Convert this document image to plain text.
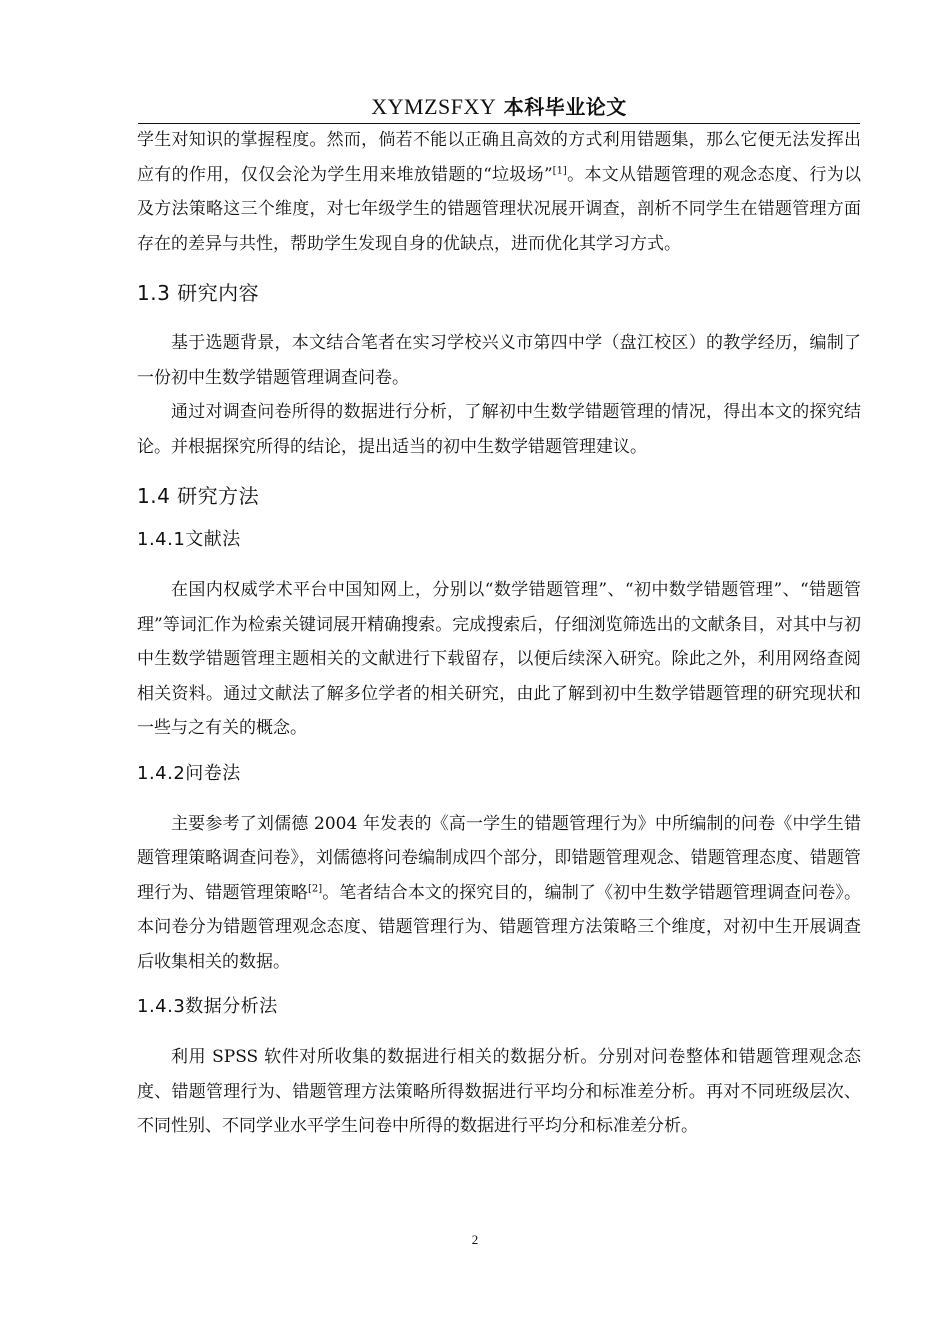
XYMZSFXY 本科毕业论文

学生对知识的掌握程度。然而，倘若不能以正确且高效的方式利用错题集，那么它便无法发挥出应有的作用，仅仅会沦为学生用来堆放错题的“垃圾场”[1]。本文从错题管理的观念态度、行为以及方法策略这三个维度，对七年级学生的错题管理状况展开调查，剖析不同学生在错题管理方面存在的差异与共性，帮助学生发现自身的优缺点，进而优化其学习方式。

1.3 研究内容

基于选题背景，本文结合笔者在实习学校兴义市第四中学（盘江校区）的教学经历，编制了一份初中生数学错题管理调查问卷。

通过对调查问卷所得的数据进行分析，了解初中生数学错题管理的情况，得出本文的探究结论。并根据探究所得的结论，提出适当的初中生数学错题管理建议。

1.4 研究方法
1.4.1文献法

在国内权威学术平台中国知网上，分别以“数学错题管理”、“初中数学错题管理”、“错题管理”等词汇作为检索关键词展开精确搜索。完成搜索后，仔细浏览筛选出的文献条目，对其中与初中生数学错题管理主题相关的文献进行下载留存，以便后续深入研究。除此之外，利用网络查阅相关资料。通过文献法了解多位学者的相关研究，由此了解到初中生数学错题管理的研究现状和一些与之有关的概念。

1.4.2问卷法

主要参考了刘儒德 2004 年发表的《高一学生的错题管理行为》中所编制的问卷《中学生错题管理策略调查问卷》，刘儒德将问卷编制成四个部分，即错题管理观念、错题管理态度、错题管理行为、错题管理策略[2]。笔者结合本文的探究目的，编制了《初中生数学错题管理调查问卷》。本问卷分为错题管理观念态度、错题管理行为、错题管理方法策略三个维度，对初中生开展调查后收集相关的数据。

1.4.3数据分析法

利用 SPSS 软件对所收集的数据进行相关的数据分析。分别对问卷整体和错题管理观念态度、错题管理行为、错题管理方法策略所得数据进行平均分和标准差分析。再对不同班级层次、不同性别、不同学业水平学生问卷中所得的数据进行平均分和标准差分析。

2
